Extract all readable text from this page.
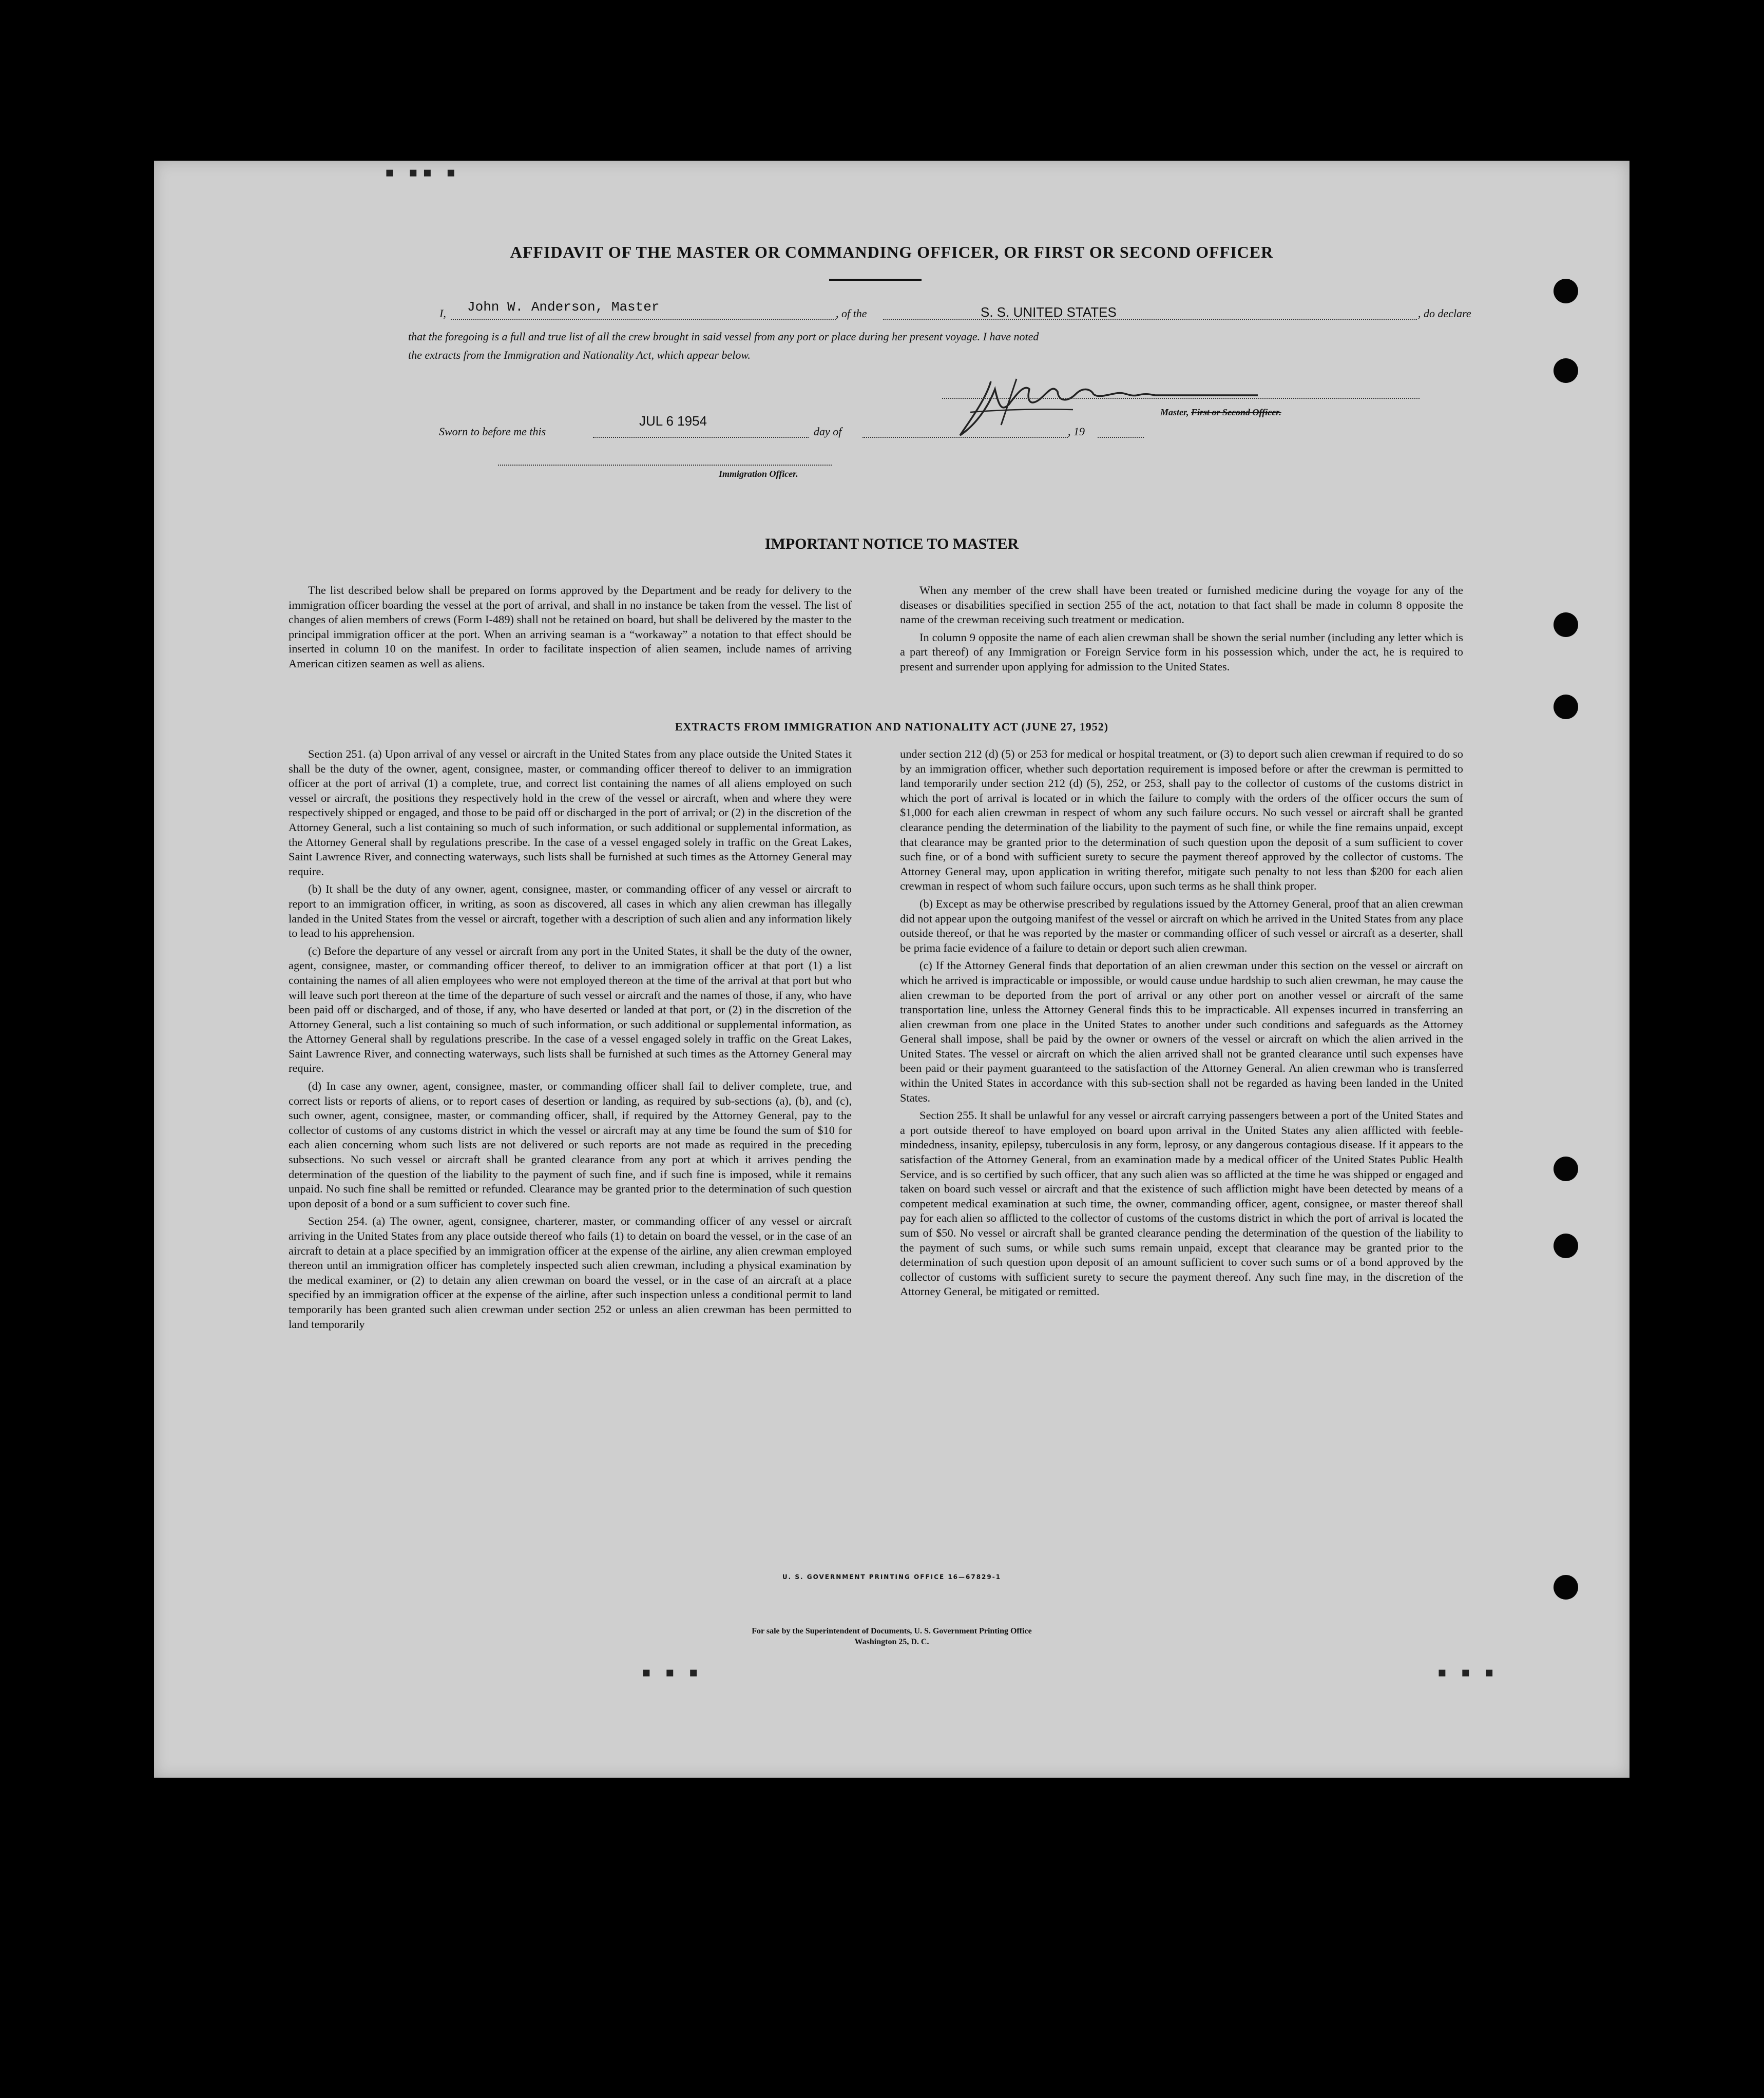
▪ ▪▪ ▪
AFFIDAVIT OF THE MASTER OR COMMANDING OFFICER, OR FIRST OR SECOND OFFICER
I, John W. Anderson, Master	, of the	S. S. UNITED STATES	, do declare
that the foregoing is a full and true list of all the crew brought in said vessel from any port or place during her present voyage. I have noted
the extracts from the Immigration and Nationality Act, which appear below.
Master, First or Second Officer.
Sworn to before me this
JUL 6 1954
day of	, 19
Immigration Officer.
IMPORTANT NOTICE TO MASTER

The list described below shall be prepared on forms approved by the Department and be ready for delivery to the immigration officer boarding the vessel at the port of arrival, and shall in no instance be taken from the vessel. The list of changes of alien members of crews (Form I-489) shall not be retained on board, but shall be delivered by the master to the principal immigration officer at the port. When an arriving seaman is a “workaway” a notation to that effect should be inserted in column 10 on the manifest. In order to facilitate inspection of alien seamen, include names of arriving American citizen seamen as well as aliens.

When any member of the crew shall have been treated or furnished medicine during the voyage for any of the diseases or disabilities specified in section 255 of the act, notation to that fact shall be made in column 8 opposite the name of the crewman receiving such treatment or medication.

In column 9 opposite the name of each alien crewman shall be shown the serial number (including any letter which is a part thereof) of any Immigration or Foreign Service form in his possession which, under the act, he is required to present and surrender upon applying for admission to the United States.

EXTRACTS FROM IMMIGRATION AND NATIONALITY ACT (JUNE 27, 1952)

Section 251. (a) Upon arrival of any vessel or aircraft in the United States from any place outside the United States it shall be the duty of the owner, agent, consignee, master, or commanding officer thereof to deliver to an immigration officer at the port of arrival (1) a complete, true, and correct list containing the names of all aliens employed on such vessel or aircraft, the positions they respectively hold in the crew of the vessel or aircraft, when and where they were respectively shipped or engaged, and those to be paid off or discharged in the port of arrival; or (2) in the discretion of the Attorney General, such a list containing so much of such information, or such additional or supplemental information, as the Attorney General shall by regulations prescribe. In the case of a vessel engaged solely in traffic on the Great Lakes, Saint Lawrence River, and connecting waterways, such lists shall be furnished at such times as the Attorney General may require.

(b) It shall be the duty of any owner, agent, consignee, master, or commanding officer of any vessel or aircraft to report to an immigration officer, in writing, as soon as discovered, all cases in which any alien crewman has illegally landed in the United States from the vessel or aircraft, together with a description of such alien and any information likely to lead to his apprehension.

(c) Before the departure of any vessel or aircraft from any port in the United States, it shall be the duty of the owner, agent, consignee, master, or commanding officer thereof, to deliver to an immigration officer at that port (1) a list containing the names of all alien employees who were not employed thereon at the time of the arrival at that port but who will leave such port thereon at the time of the departure of such vessel or aircraft and the names of those, if any, who have been paid off or discharged, and of those, if any, who have deserted or landed at that port, or (2) in the discretion of the Attorney General, such a list containing so much of such information, or such additional or supplemental information, as the Attorney General shall by regulations prescribe. In the case of a vessel engaged solely in traffic on the Great Lakes, Saint Lawrence River, and connecting waterways, such lists shall be furnished at such times as the Attorney General may require.

(d) In case any owner, agent, consignee, master, or commanding officer shall fail to deliver complete, true, and correct lists or reports of aliens, or to report cases of desertion or landing, as required by sub-sections (a), (b), and (c), such owner, agent, consignee, master, or commanding officer, shall, if required by the Attorney General, pay to the collector of customs of any customs district in which the vessel or aircraft may at any time be found the sum of $10 for each alien concerning whom such lists are not delivered or such reports are not made as required in the preceding subsections. No such vessel or aircraft shall be granted clearance from any port at which it arrives pending the determination of the question of the liability to the payment of such fine, and if such fine is imposed, while it remains unpaid. No such fine shall be remitted or refunded. Clearance may be granted prior to the determination of such question upon deposit of a bond or a sum sufficient to cover such fine.

Section 254. (a) The owner, agent, consignee, charterer, master, or commanding officer of any vessel or aircraft arriving in the United States from any place outside thereof who fails (1) to detain on board the vessel, or in the case of an aircraft to detain at a place specified by an immigration officer at the expense of the airline, any alien crewman employed thereon until an immigration officer has completely inspected such alien crewman, including a physical examination by the medical examiner, or (2) to detain any alien crewman on board the vessel, or in the case of an aircraft at a place specified by an immigration officer at the expense of the airline, after such inspection unless a conditional permit to land temporarily has been granted such alien crewman under section 252 or unless an alien crewman has been permitted to land temporarily

under section 212 (d) (5) or 253 for medical or hospital treatment, or (3) to deport such alien crewman if required to do so by an immigration officer, whether such deportation requirement is imposed before or after the crewman is permitted to land temporarily under section 212 (d) (5), 252, or 253, shall pay to the collector of customs of the customs district in which the port of arrival is located or in which the failure to comply with the orders of the officer occurs the sum of $1,000 for each alien crewman in respect of whom any such failure occurs. No such vessel or aircraft shall be granted clearance pending the determination of the liability to the payment of such fine, or while the fine remains unpaid, except that clearance may be granted prior to the determination of such question upon the deposit of a sum sufficient to cover such fine, or of a bond with sufficient surety to secure the payment thereof approved by the collector of customs. The Attorney General may, upon application in writing therefor, mitigate such penalty to not less than $200 for each alien crewman in respect of whom such failure occurs, upon such terms as he shall think proper.

(b) Except as may be otherwise prescribed by regulations issued by the Attorney General, proof that an alien crewman did not appear upon the outgoing manifest of the vessel or aircraft on which he arrived in the United States from any place outside thereof, or that he was reported by the master or commanding officer of such vessel or aircraft as a deserter, shall be prima facie evidence of a failure to detain or deport such alien crewman.

(c) If the Attorney General finds that deportation of an alien crewman under this section on the vessel or aircraft on which he arrived is impracticable or impossible, or would cause undue hardship to such alien crewman, he may cause the alien crewman to be deported from the port of arrival or any other port on another vessel or aircraft of the same transportation line, unless the Attorney General finds this to be impracticable. All expenses incurred in transferring an alien crewman from one place in the United States to another under such conditions and safeguards as the Attorney General shall impose, shall be paid by the owner or owners of the vessel or aircraft on which the alien arrived in the United States. The vessel or aircraft on which the alien arrived shall not be granted clearance until such expenses have been paid or their payment guaranteed to the satisfaction of the Attorney General. An alien crewman who is transferred within the United States in accordance with this sub-section shall not be regarded as having been landed in the United States.

Section 255. It shall be unlawful for any vessel or aircraft carrying passengers between a port of the United States and a port outside thereof to have employed on board upon arrival in the United States any alien afflicted with feeble-mindedness, insanity, epilepsy, tuberculosis in any form, leprosy, or any dangerous contagious disease. If it appears to the satisfaction of the Attorney General, from an examination made by a medical officer of the United States Public Health Service, and is so certified by such officer, that any such alien was so afflicted at the time he was shipped or engaged and taken on board such vessel or aircraft and that the existence of such affliction might have been detected by means of a competent medical examination at such time, the owner, commanding officer, agent, consignee, or master thereof shall pay for each alien so afflicted to the collector of customs of the customs district in which the port of arrival is located the sum of $50. No vessel or aircraft shall be granted clearance pending the determination of the question of the liability to the payment of such sums, or while such sums remain unpaid, except that clearance may be granted prior to the determination of such question upon deposit of an amount sufficient to cover such sums or of a bond approved by the collector of customs with sufficient surety to secure the payment thereof. Any such fine may, in the discretion of the Attorney General, be mitigated or remitted.

U. S. GOVERNMENT PRINTING OFFICE 16—67829-1
For sale by the Superintendent of Documents, U. S. Government Printing Office
Washington 25, D. C.
▪ ▪ ▪	▪ ▪ ▪
